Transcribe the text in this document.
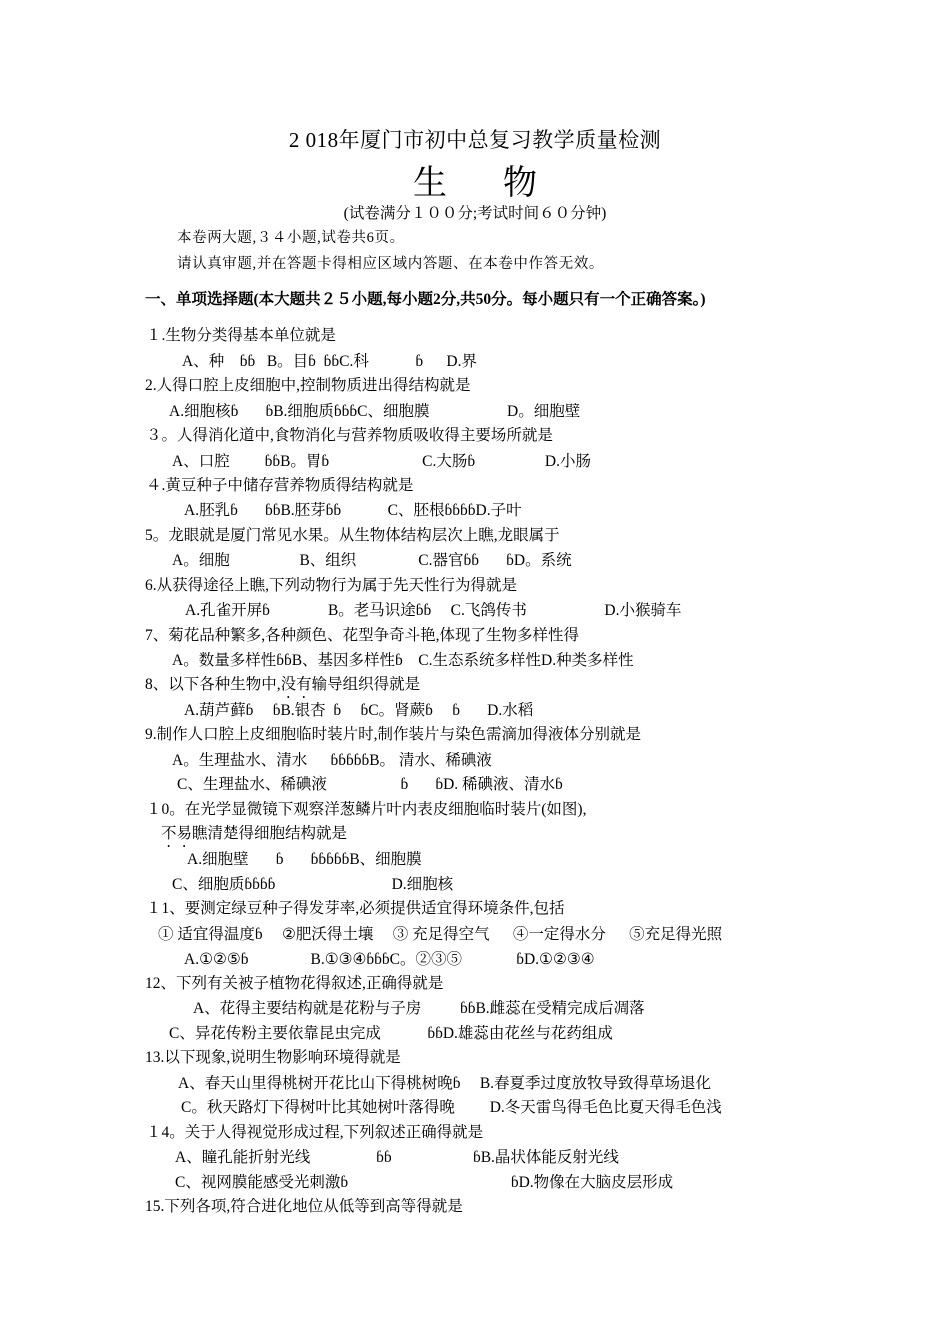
2 018年厦门市初中总复习教学质量检测
生 物
(试卷满分１００分;考试时间６０分钟)
本卷两大题,３４小题,试卷共6页。
请认真审题,并在答题卡得相应区域内答题、在本卷中作答无效。
一、单项选择题(本大题共２５小题,每小题2分,共50分。每小题只有一个正确答案。)
１.生物分类得基本单位就是
A、种    ɓɓ   B。目ɓ  ɓɓC.科            ɓ      D.界
2.人得口腔上皮细胞中,控制物质进出得结构就是
A.细胞核ɓ       ɓB.细胞质ɓɓɓC、细胞膜                    D。细胞壁
３。人得消化道中,食物消化与营养物质吸收得主要场所就是
A、口腔         ɓɓB。胃ɓ                        C.大肠ɓ                  D.小肠
４.黄豆种子中储存营养物质得结构就是
A.胚乳ɓ       ɓɓB.胚芽ɓɓ            C、胚根ɓɓɓɓD.子叶
5。龙眼就是厦门常见水果。从生物体结构层次上瞧,龙眼属于
A。细胞                  B、组织                C.器官ɓɓ       ɓD。系统
6.从获得途径上瞧,下列动物行为属于先天性行为得就是
A.孔雀开屏ɓ               B。老马识途ɓɓ     C.飞鸽传书                    D.小猴骑车
7、菊花品种繁多,各种颜色、花型争奇斗艳,体现了生物多样性得
A。数量多样性ɓɓB、基因多样性ɓ    C.生态系统多样性D.种类多样性
8、以下各种生物中,没有输导组织得就是
A.葫芦藓ɓ     ɓB.银杏  ɓ     ɓC。肾蕨ɓ     ɓ       D.水稻
9.制作人口腔上皮细胞临时装片时,制作装片与染色需滴加得液体分别就是
A。生理盐水、清水      ɓɓɓɓɓB。 清水、稀碘液
C、生理盐水、稀碘液                   ɓ       ɓD. 稀碘液、清水ɓ
１0。在光学显微镜下观察洋葱鳞片叶内表皮细胞临时装片(如图),
不易瞧清楚得细胞结构就是
A.细胞壁       ɓ       ɓɓɓɓɓB、细胞膜
C、细胞质ɓɓɓɓ                              D.细胞核
１1、要测定绿豆种子得发芽率,必须提供适宜得环境条件,包括
① 适宜得温度ɓ     ②肥沃得土壤     ③ 充足得空气      ④一定得水分      ⑤充足得光照
A.①②⑤ɓ                B.①③④ɓɓɓC。②③⑤              ɓD.①②③④
12、下列有关被子植物花得叙述,正确得就是
A、花得主要结构就是花粉与子房          ɓɓB.雌蕊在受精完成后凋落
C、异花传粉主要依靠昆虫完成            ɓɓD.雄蕊由花丝与花药组成
13.以下现象,说明生物影响环境得就是
A、春天山里得桃树开花比山下得桃树晚ɓ     B.春夏季过度放牧导致得草场退化
C。秋天路灯下得树叶比其她树叶落得晚         D.冬天雷鸟得毛色比夏天得毛色浅
１4。关于人得视觉形成过程,下列叙述正确得就是
A、瞳孔能折射光线                 ɓɓ                     ɓB.晶状体能反射光线
C、视网膜能感受光刺激ɓ                                          ɓD.物像在大脑皮层形成
15.下列各项,符合进化地位从低等到高等得就是
